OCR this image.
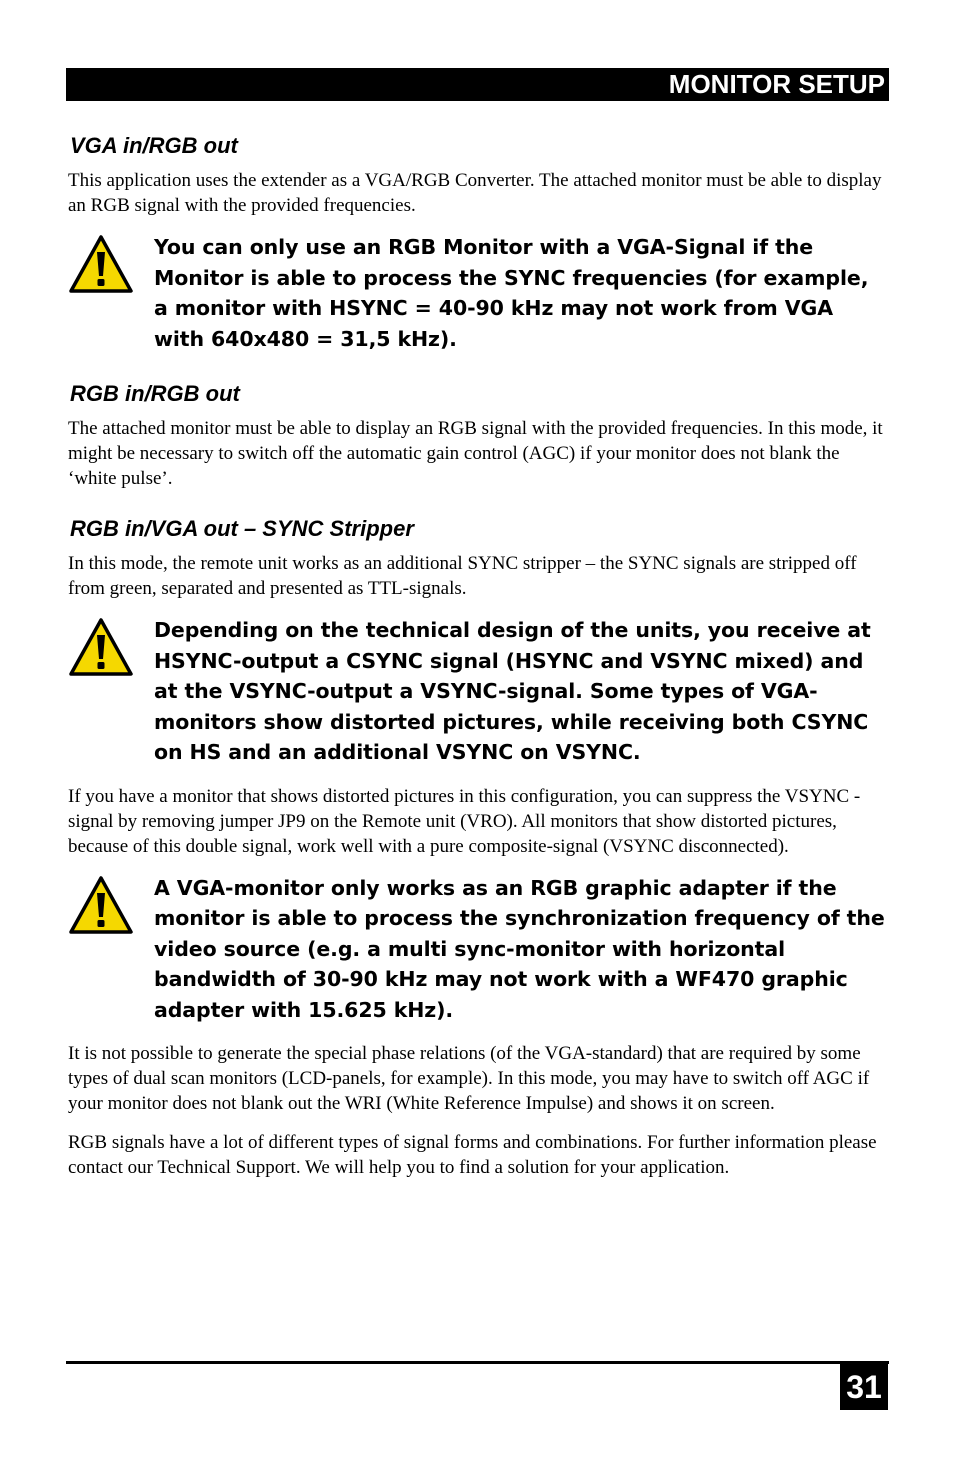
MONITOR SETUP
VGA in/RGB out

This application uses the extender as a VGA/RGB Converter. The attached monitor must be able to display an RGB signal with the provided frequencies.

You can only use an RGB Monitor with a VGA-Signal if the Monitor is able to process the SYNC frequencies (for example, a monitor with HSYNC = 40-90 kHz may not work from VGA with 640x480 = 31,5 kHz).
RGB in/RGB out

The attached monitor must be able to display an RGB signal with the provided frequencies. In this mode, it might be necessary to switch off the automatic gain control (AGC) if your monitor does not blank the ‘white pulse’.

RGB in/VGA out – SYNC Stripper

In this mode, the remote unit works as an additional SYNC stripper – the SYNC signals are stripped off from green, separated and presented as TTL-signals.

Depending on the technical design of the units, you receive at HSYNC-output a CSYNC signal (HSYNC and VSYNC mixed) and at the VSYNC-output a VSYNC-signal. Some types of VGA-monitors show distorted pictures, while receiving both CSYNC on HS and an additional VSYNC on VSYNC.

If you have a monitor that shows distorted pictures in this configuration, you can suppress the VSYNC -signal by removing jumper JP9 on the Remote unit (VRO). All monitors that show distorted pictures, because of this double signal, work well with a pure composite-signal (VSYNC disconnected).

A VGA-monitor only works as an RGB graphic adapter if the monitor is able to process the synchronization frequency of the video source (e.g. a multi sync-monitor with horizontal bandwidth of 30-90 kHz may not work with a WF470 graphic adapter with 15.625 kHz).

It is not possible to generate the special phase relations (of the VGA-standard) that are required by some types of dual scan monitors (LCD-panels, for example). In this mode, you may have to switch off AGC if your monitor does not blank out the WRI (White Reference Impulse) and shows it on screen.

RGB signals have a lot of different types of signal forms and combinations. For further information please contact our Technical Support. We will help you to find a solution for your application.

31
